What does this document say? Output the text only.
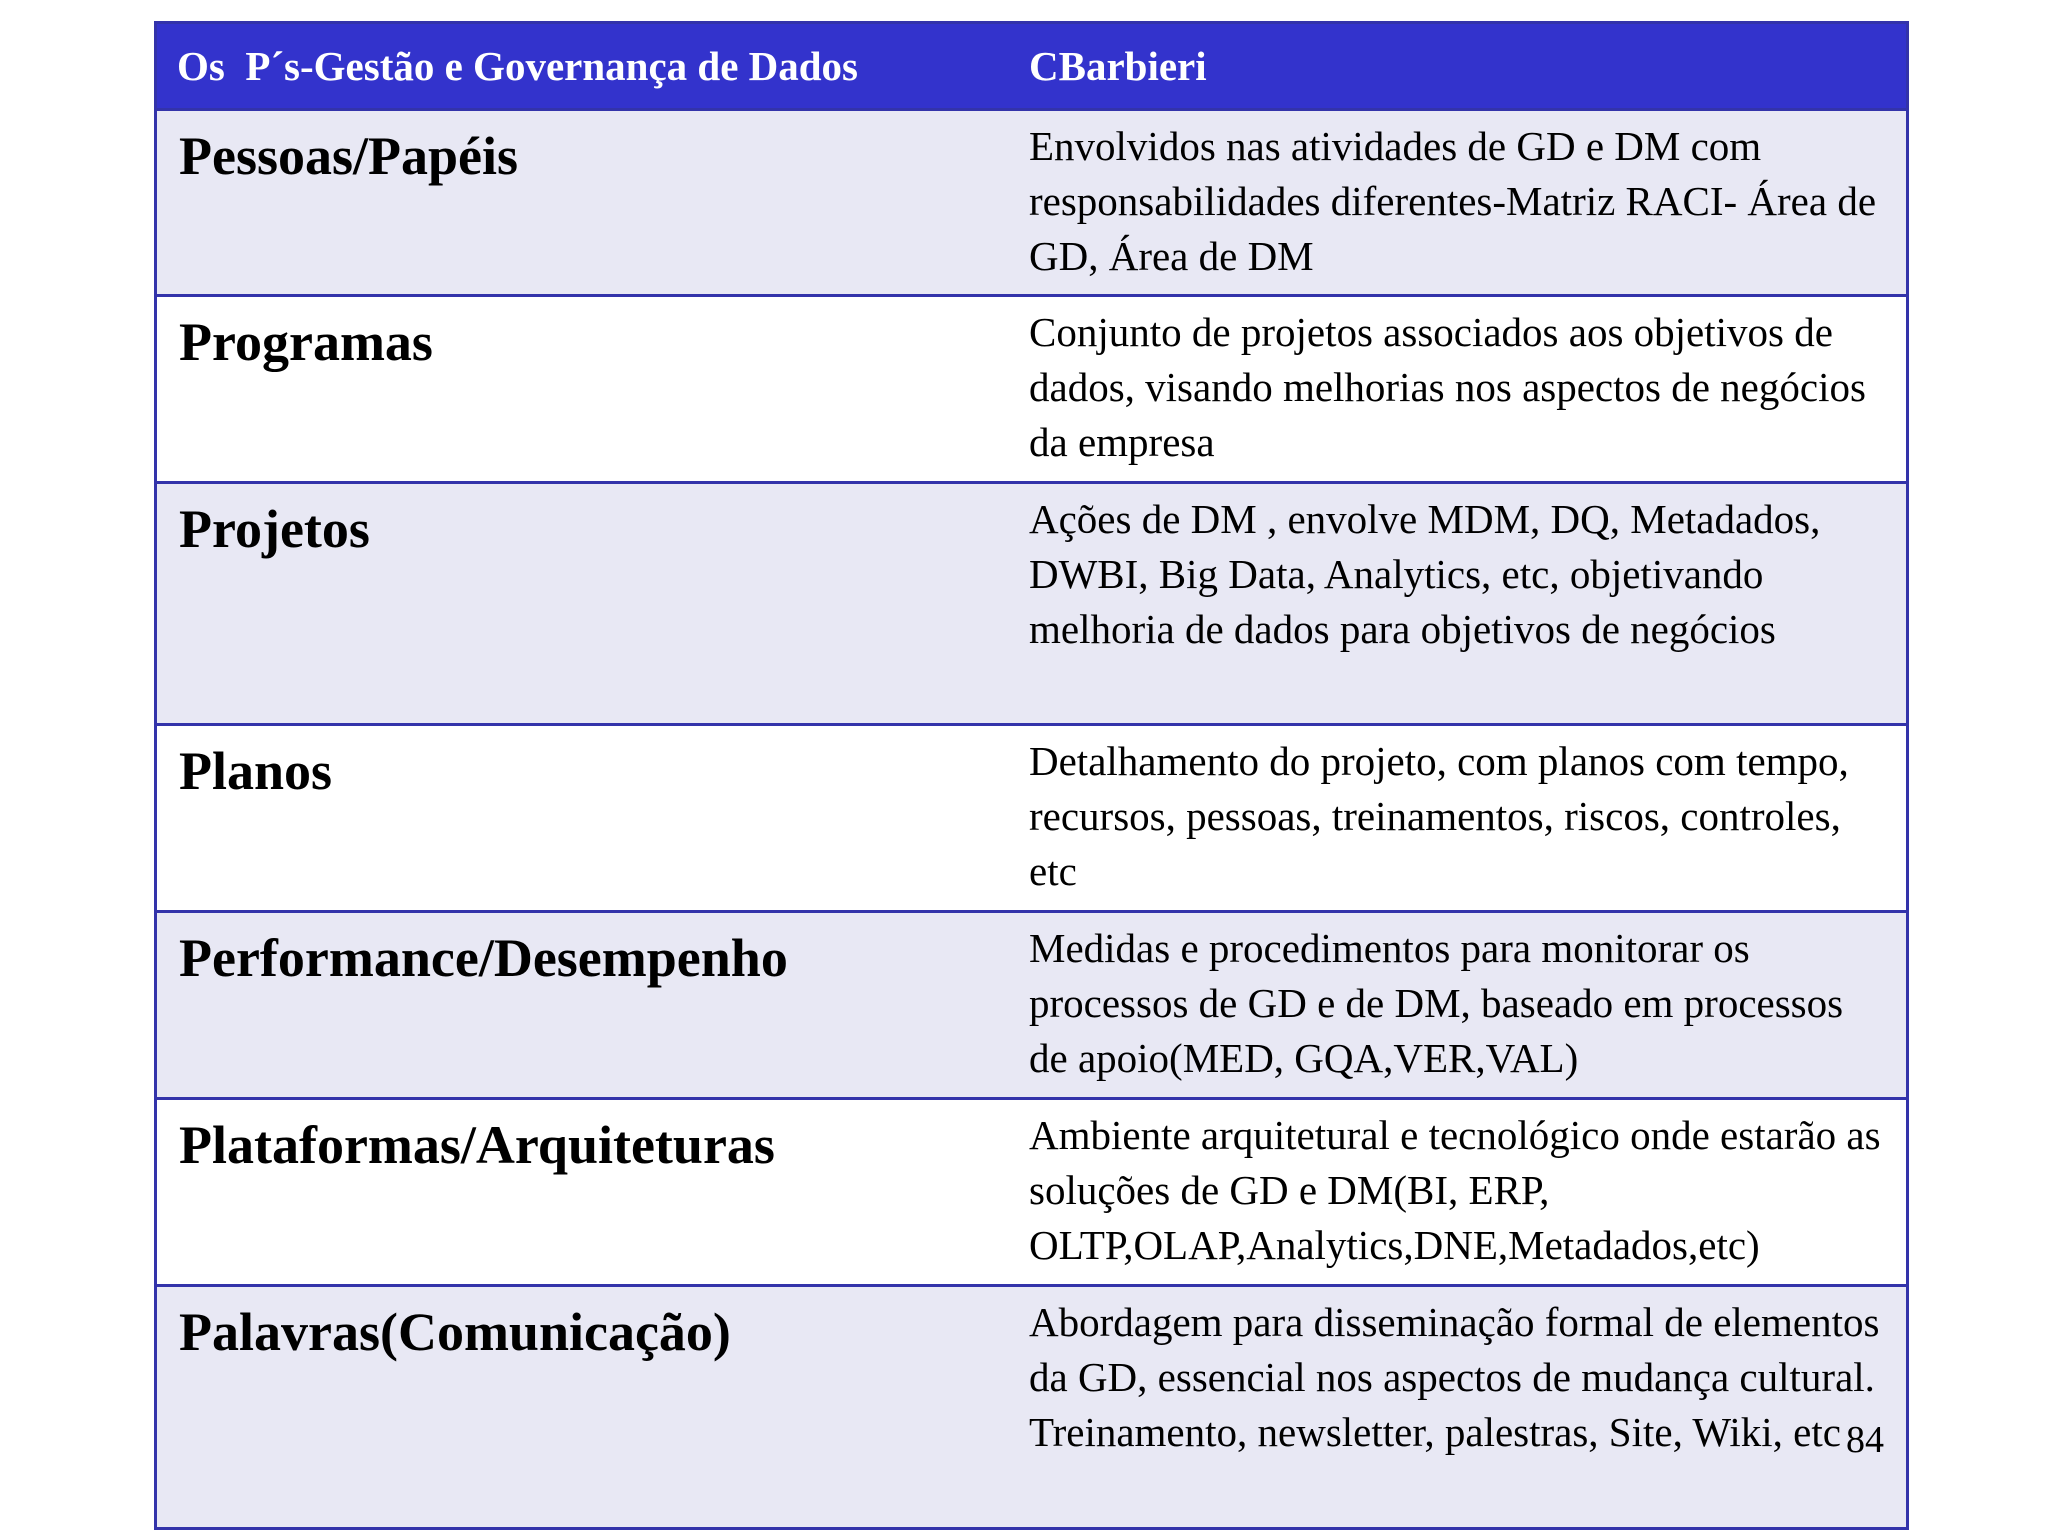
Os  P´s-Gestão e Governança de Dados	CBarbieri
Pessoas/Papéis	Envolvidos nas atividades de GD e DM com responsabilidades diferentes-Matriz RACI- Área de GD, Área de DM
Programas	Conjunto de projetos associados aos objetivos de dados, visando melhorias nos aspectos de negócios da empresa
Projetos	Ações de DM , envolve MDM, DQ, Metadados, DWBI, Big Data, Analytics, etc, objetivando melhoria de dados para objetivos de negócios
Planos	Detalhamento do projeto, com planos com tempo, recursos, pessoas, treinamentos, riscos, controles, etc
Performance/Desempenho	Medidas e procedimentos para monitorar os processos de GD e de DM, baseado em processos de apoio(MED, GQA,VER,VAL)
Plataformas/Arquiteturas	Ambiente arquitetural e tecnológico onde estarão as soluções de GD e DM(BI, ERP, OLTP,OLAP,Analytics,DNE,Metadados,etc)
Palavras(Comunicação)	Abordagem para disseminação formal de elementos da GD, essencial nos aspectos de mudança cultural. Treinamento, newsletter, palestras, Site, Wiki, etc 84
